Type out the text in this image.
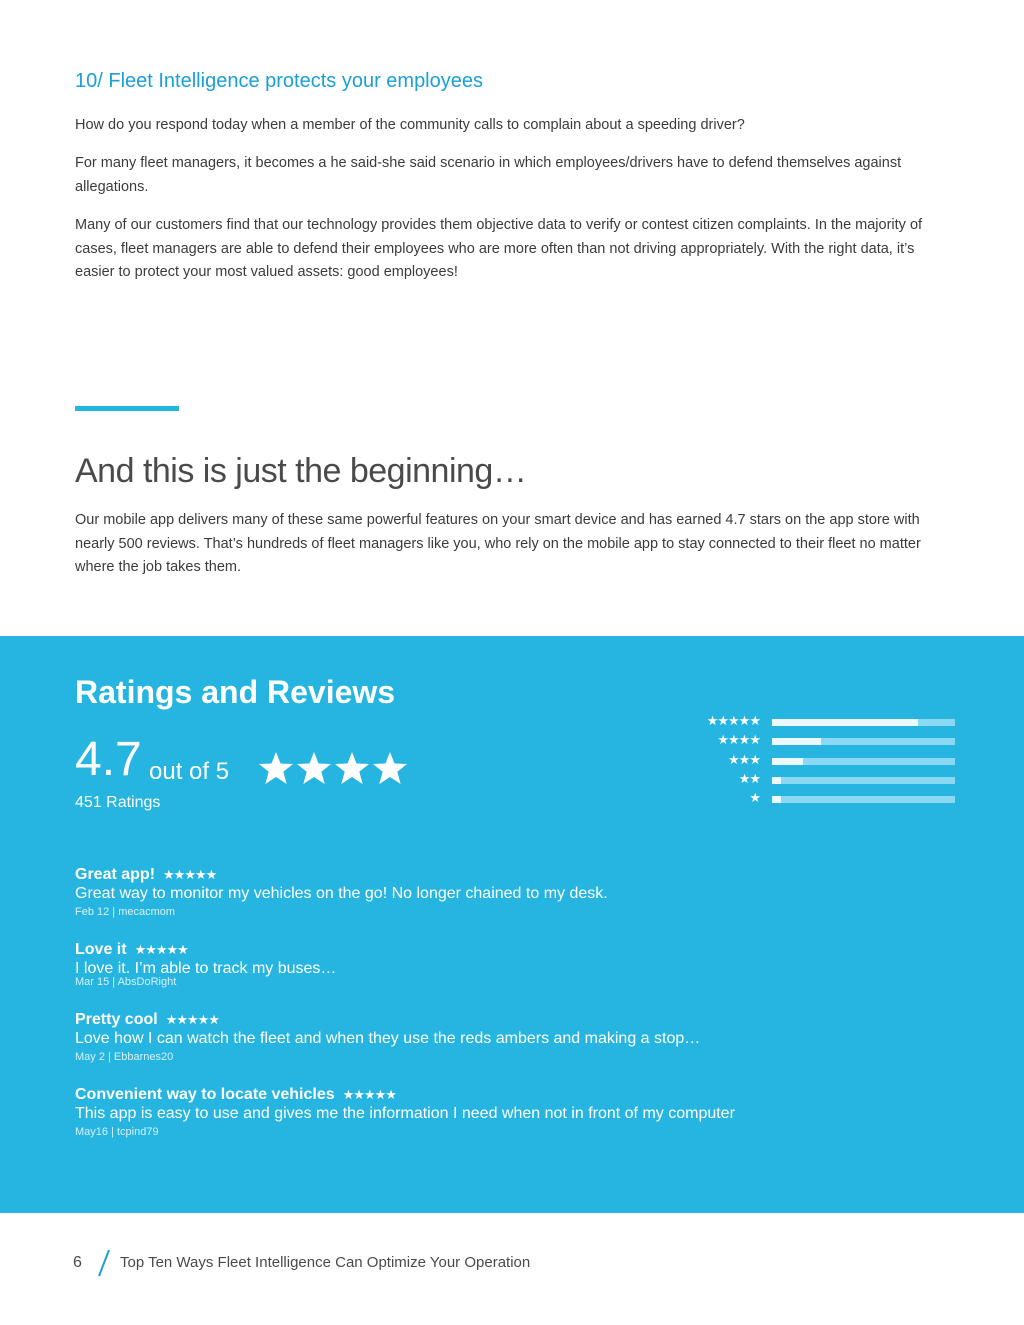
10/ Fleet Intelligence protects your employees

How do you respond today when a member of the community calls to complain about a speeding driver?

For many fleet managers, it becomes a he said-she said scenario in which employees/drivers have to defend themselves against allegations.

Many of our customers find that our technology provides them objective data to verify or contest citizen complaints. In the majority of cases, fleet managers are able to defend their employees who are more often than not driving appropriately. With the right data, it’s easier to protect your most valued assets: good employees!

And this is just the beginning…

Our mobile app delivers many of these same powerful features on your smart device and has earned 4.7 stars on the app store with nearly 500 reviews. That’s hundreds of fleet managers like you, who rely on the mobile app to stay connected to their fleet no matter where the job takes them.

Ratings and Reviews
4.7 out of 5
451 Ratings
★★★★★
★★★★
★★★
★★
★
Great app! ★★★★★
Great way to monitor my vehicles on the go! No longer chained to my desk.
Feb 12 | mecacmom
Love it ★★★★★
I love it. I’m able to track my buses…
Mar 15 | AbsDoRight
Pretty cool ★★★★★
Love how I can watch the fleet and when they use the reds ambers and making a stop…
May 2 | Ebbarnes20
Convenient way to locate vehicles ★★★★★
This app is easy to use and gives me the information I need when not in front of my computer
May16 | tcpind79
6	Top Ten Ways Fleet Intelligence Can Optimize Your Operation
